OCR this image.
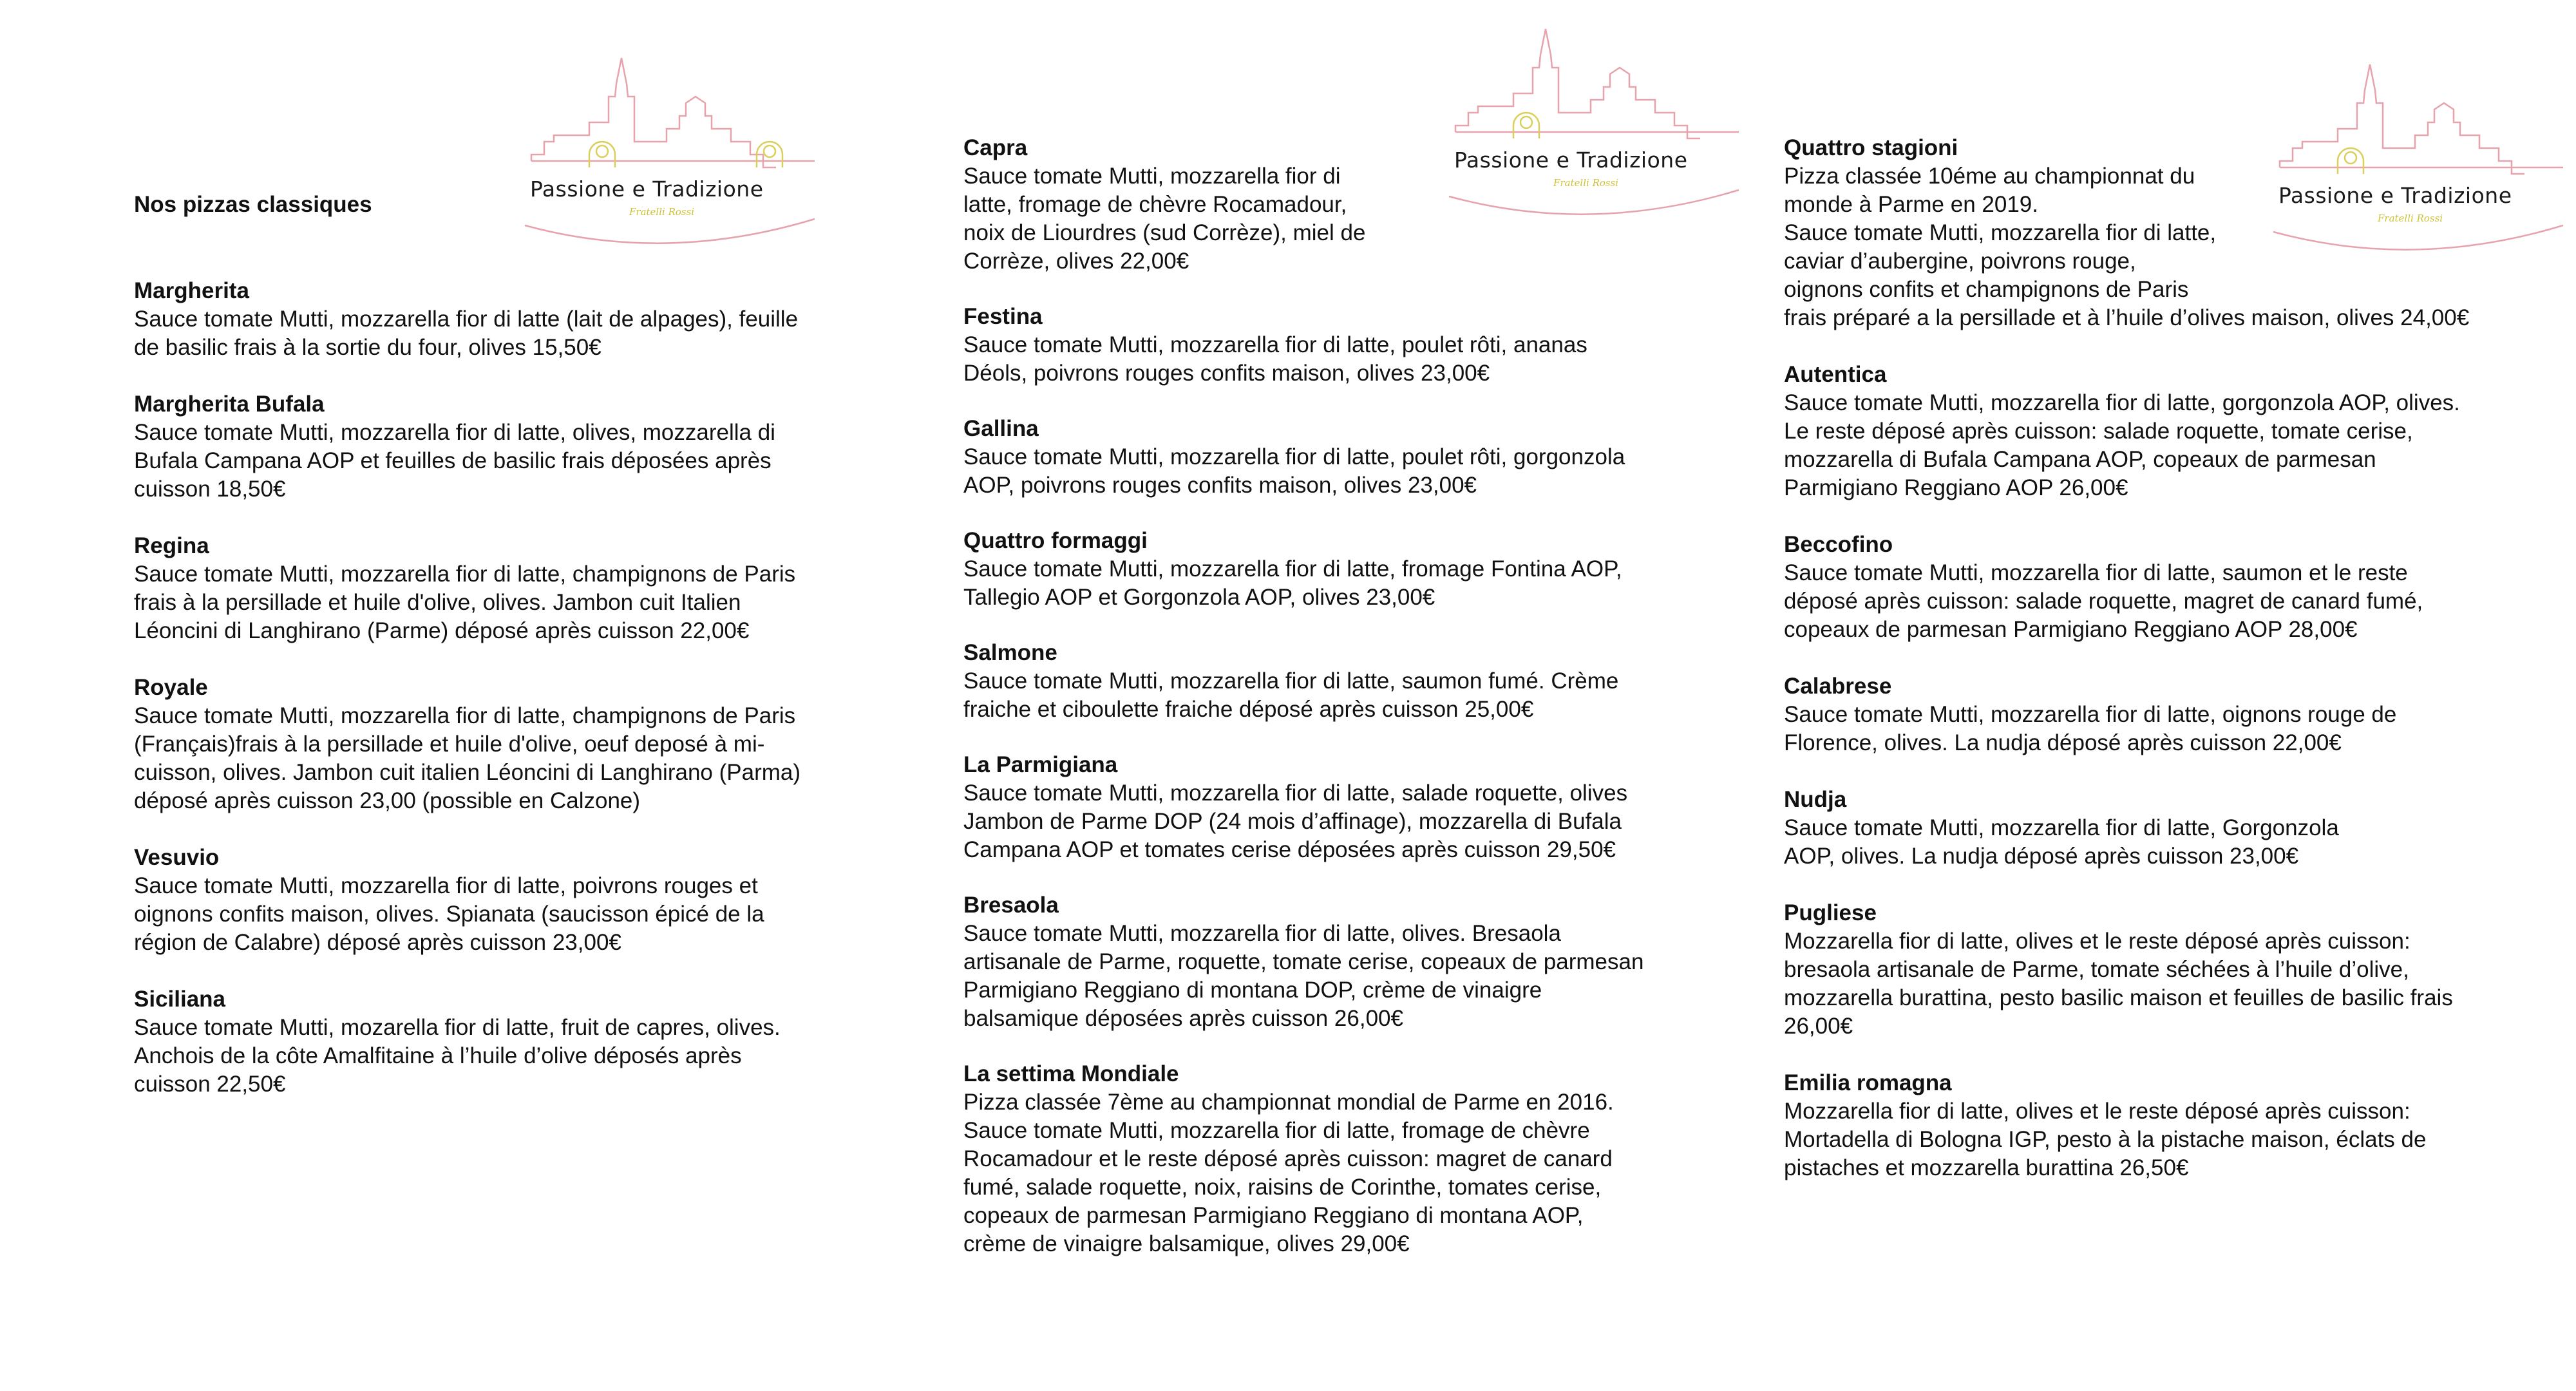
Passione e Tradizione
Fratelli Rossi
Nos pizzas classiques
Margherita
Sauce tomate Mutti, mozzarella fior di latte (lait de alpages), feuille
de basilic frais à la sortie du four, olives 15,50€
Margherita Bufala
Sauce tomate Mutti, mozzarella fior di latte, olives, mozzarella di
Bufala Campana AOP et feuilles de basilic frais déposées après
cuisson 18,50€
Regina
Sauce tomate Mutti, mozzarella fior di latte, champignons de Paris
frais à la persillade et huile d'olive, olives. Jambon cuit Italien
Léoncini di Langhirano (Parme) déposé après cuisson 22,00€
Royale
Sauce tomate Mutti, mozzarella fior di latte, champignons de Paris
(Français)frais à la persillade et huile d'olive, oeuf deposé à mi-
cuisson, olives. Jambon cuit italien Léoncini di Langhirano (Parma)
déposé après cuisson 23,00 (possible en Calzone)
Vesuvio
Sauce tomate Mutti, mozzarella fior di latte, poivrons rouges et
oignons confits maison, olives. Spianata (saucisson épicé de la
région de Calabre) déposé après cuisson 23,00€
Siciliana
Sauce tomate Mutti, mozarella fior di latte, fruit de capres, olives.
Anchois de la côte Amalfitaine à l’huile d’olive déposés après
cuisson 22,50€
Passione e Tradizione
Fratelli Rossi
Capra
Sauce tomate Mutti, mozzarella fior di
latte, fromage de chèvre Rocamadour,
noix de Liourdres (sud Corrèze), miel de
Corrèze, olives 22,00€
Festina
Sauce tomate Mutti, mozzarella fior di latte, poulet rôti, ananas
Déols, poivrons rouges confits maison, olives 23,00€
Gallina
Sauce tomate Mutti, mozzarella fior di latte, poulet rôti, gorgonzola
AOP, poivrons rouges confits maison, olives 23,00€
Quattro formaggi
Sauce tomate Mutti, mozzarella fior di latte, fromage Fontina AOP,
Tallegio AOP et Gorgonzola AOP, olives 23,00€
Salmone
Sauce tomate Mutti, mozzarella fior di latte, saumon fumé. Crème
fraiche et ciboulette fraiche déposé après cuisson 25,00€
La Parmigiana
Sauce tomate Mutti, mozzarella fior di latte, salade roquette, olives
Jambon de Parme DOP (24 mois d’affinage), mozzarella di Bufala
Campana AOP et tomates cerise déposées après cuisson 29,50€
Bresaola
Sauce tomate Mutti, mozzarella fior di latte, olives. Bresaola
artisanale de Parme, roquette, tomate cerise, copeaux de parmesan
Parmigiano Reggiano di montana DOP, crème de vinaigre
balsamique déposées après cuisson 26,00€
La settima Mondiale
Pizza classée 7ème au championnat mondial de Parme en 2016.
Sauce tomate Mutti, mozzarella fior di latte, fromage de chèvre
Rocamadour et le reste déposé après cuisson: magret de canard
fumé, salade roquette, noix, raisins de Corinthe, tomates cerise,
copeaux de parmesan Parmigiano Reggiano di montana AOP,
crème de vinaigre balsamique, olives 29,00€
Passione e Tradizione
Fratelli Rossi
Quattro stagioni
Pizza classée 10éme au championnat du
monde à Parme en 2019.
Sauce tomate Mutti, mozzarella fior di latte,
caviar d’aubergine, poivrons rouge,
oignons confits et champignons de Paris
frais préparé a la persillade et à l’huile d’olives maison, olives 24,00€
Autentica
Sauce tomate Mutti, mozzarella fior di latte, gorgonzola AOP, olives.
Le reste déposé après cuisson: salade roquette, tomate cerise,
mozzarella di Bufala Campana AOP, copeaux de parmesan
Parmigiano Reggiano AOP 26,00€
Beccofino
Sauce tomate Mutti, mozzarella fior di latte, saumon et le reste
déposé après cuisson: salade roquette, magret de canard fumé,
copeaux de parmesan Parmigiano Reggiano AOP 28,00€
Calabrese
Sauce tomate Mutti, mozzarella fior di latte, oignons rouge de
Florence, olives. La nudja déposé après cuisson 22,00€
Nudja
Sauce tomate Mutti, mozzarella fior di latte, Gorgonzola
AOP, olives. La nudja déposé après cuisson 23,00€
Pugliese
Mozzarella fior di latte, olives et le reste déposé après cuisson:
bresaola artisanale de Parme, tomate séchées à l’huile d’olive,
mozzarella burattina, pesto basilic maison et feuilles de basilic frais
26,00€
Emilia romagna
Mozzarella fior di latte, olives et le reste déposé après cuisson:
Mortadella di Bologna IGP, pesto à la pistache maison, éclats de
pistaches et mozzarella burattina 26,50€
